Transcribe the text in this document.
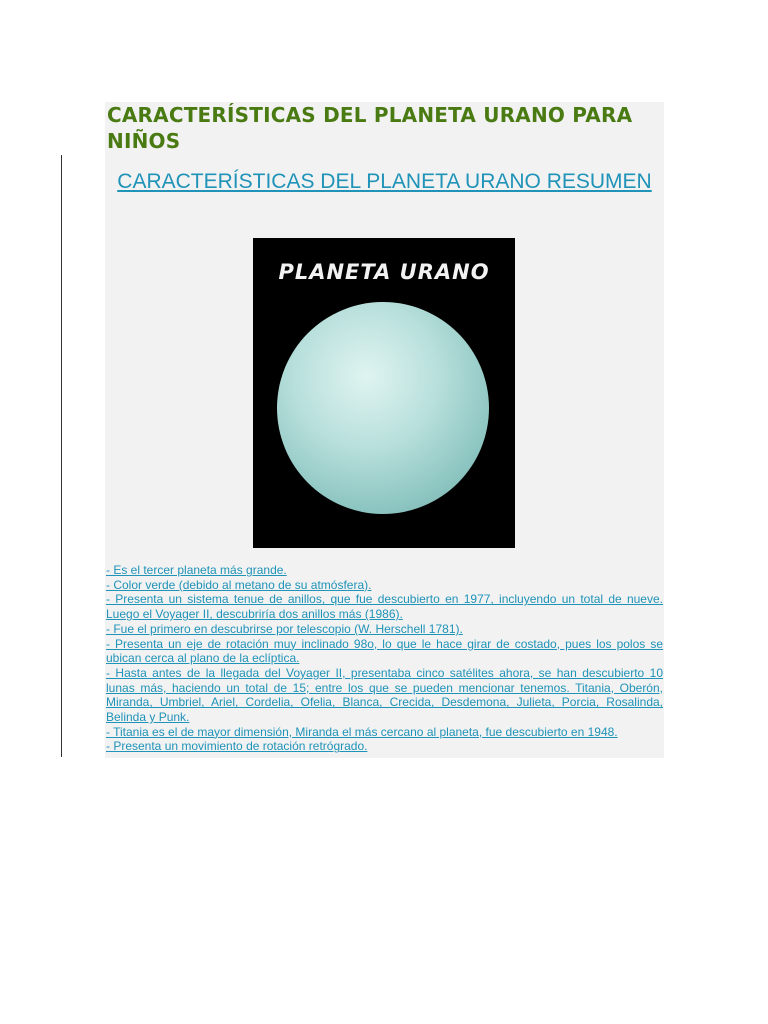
CARACTERÍSTICAS DEL PLANETA URANO PARA NIÑOS
CARACTERÍSTICAS DEL PLANETA URANO RESUMEN
PLANETA URANO
- Es el tercer planeta más grande.
- Color verde (debido al metano de su atmósfera).
- Presenta un sistema tenue de anillos, que fue descubierto en 1977, incluyendo un total de nueve.
Luego el Voyager II, descubriría dos anillos más (1986).
- Fue el primero en descubrirse por telescopio (W. Herschell 1781).
- Presenta un eje de rotación muy inclinado 98o, lo que le hace girar de costado, pues los polos se
ubican cerca al plano de la eclíptica.
- Hasta antes de la llegada del Voyager II, presentaba cinco satélites ahora, se han descubierto 10
lunas más, haciendo un total de 15; entre los que se pueden mencionar tenemos. Titania, Oberón,
Miranda, Umbriel, Ariel, Cordelia, Ofelia, Blanca, Crecida, Desdemona, Julieta, Porcia, Rosalinda,
Belinda y Punk.
- Titania es el de mayor dimensión, Miranda el más cercano al planeta, fue descubierto en 1948.
- Presenta un movimiento de rotación retrógrado.
